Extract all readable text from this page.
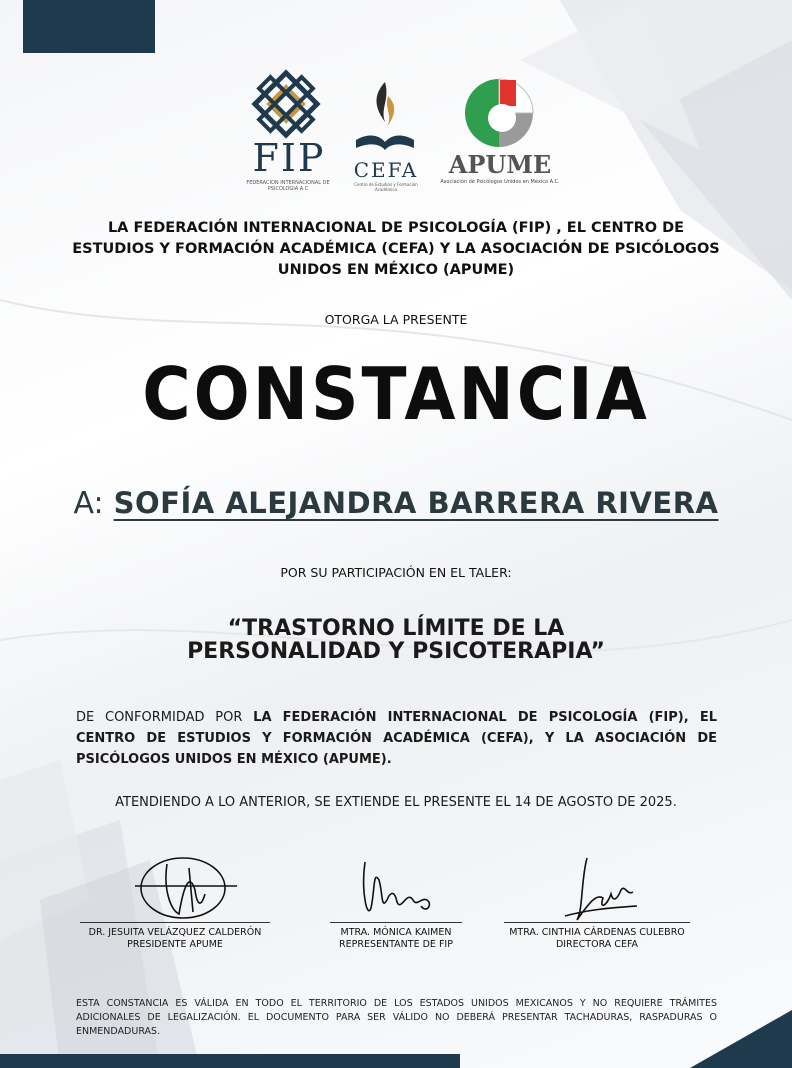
FIP
FEDERACION INTERNACIONAL DE PSICOLOGIA A.C
CEFA
Centro de Estudios y Formación Académica
APUME
Asociación de Psicólogos Unidos en México A.C.
LA FEDERACIÓN INTERNACIONAL DE PSICOLOGÍA (FIP) , EL CENTRO DE ESTUDIOS Y FORMACIÓN ACADÉMICA (CEFA) Y LA ASOCIACIÓN DE PSICÓLOGOS UNIDOS EN MÉXICO (APUME)
OTORGA LA PRESENTE
CONSTANCIA
A: SOFÍA ALEJANDRA BARRERA RIVERA
POR SU PARTICIPACIÓN EN EL TALER:
“TRASTORNO LÍMITE DE LA
PERSONALIDAD Y PSICOTERAPIA”
DE CONFORMIDAD POR LA FEDERACIÓN INTERNACIONAL DE PSICOLOGÍA (FIP), EL CENTRO DE ESTUDIOS Y FORMACIÓN ACADÉMICA (CEFA), Y LA ASOCIACIÓN DE PSICÓLOGOS UNIDOS EN MÉXICO (APUME).
ATENDIENDO A LO ANTERIOR, SE EXTIENDE EL PRESENTE EL 14 DE AGOSTO DE 2025.
DR. JESUITA VELÁZQUEZ CALDERÓN
PRESIDENTE APUME
MTRA. MÓNICA KAIMEN
REPRESENTANTE DE FIP
MTRA. CINTHIA CÁRDENAS CULEBRO
DIRECTORA CEFA
ESTA CONSTANCIA ES VÁLIDA EN TODO EL TERRITORIO DE LOS ESTADOS UNIDOS MEXICANOS Y NO REQUIERE TRÁMITES ADICIONALES DE LEGALIZACIÓN. EL DOCUMENTO PARA SER VÁLIDO NO DEBERÁ PRESENTAR TACHADURAS, RASPADURAS O ENMENDADURAS.
